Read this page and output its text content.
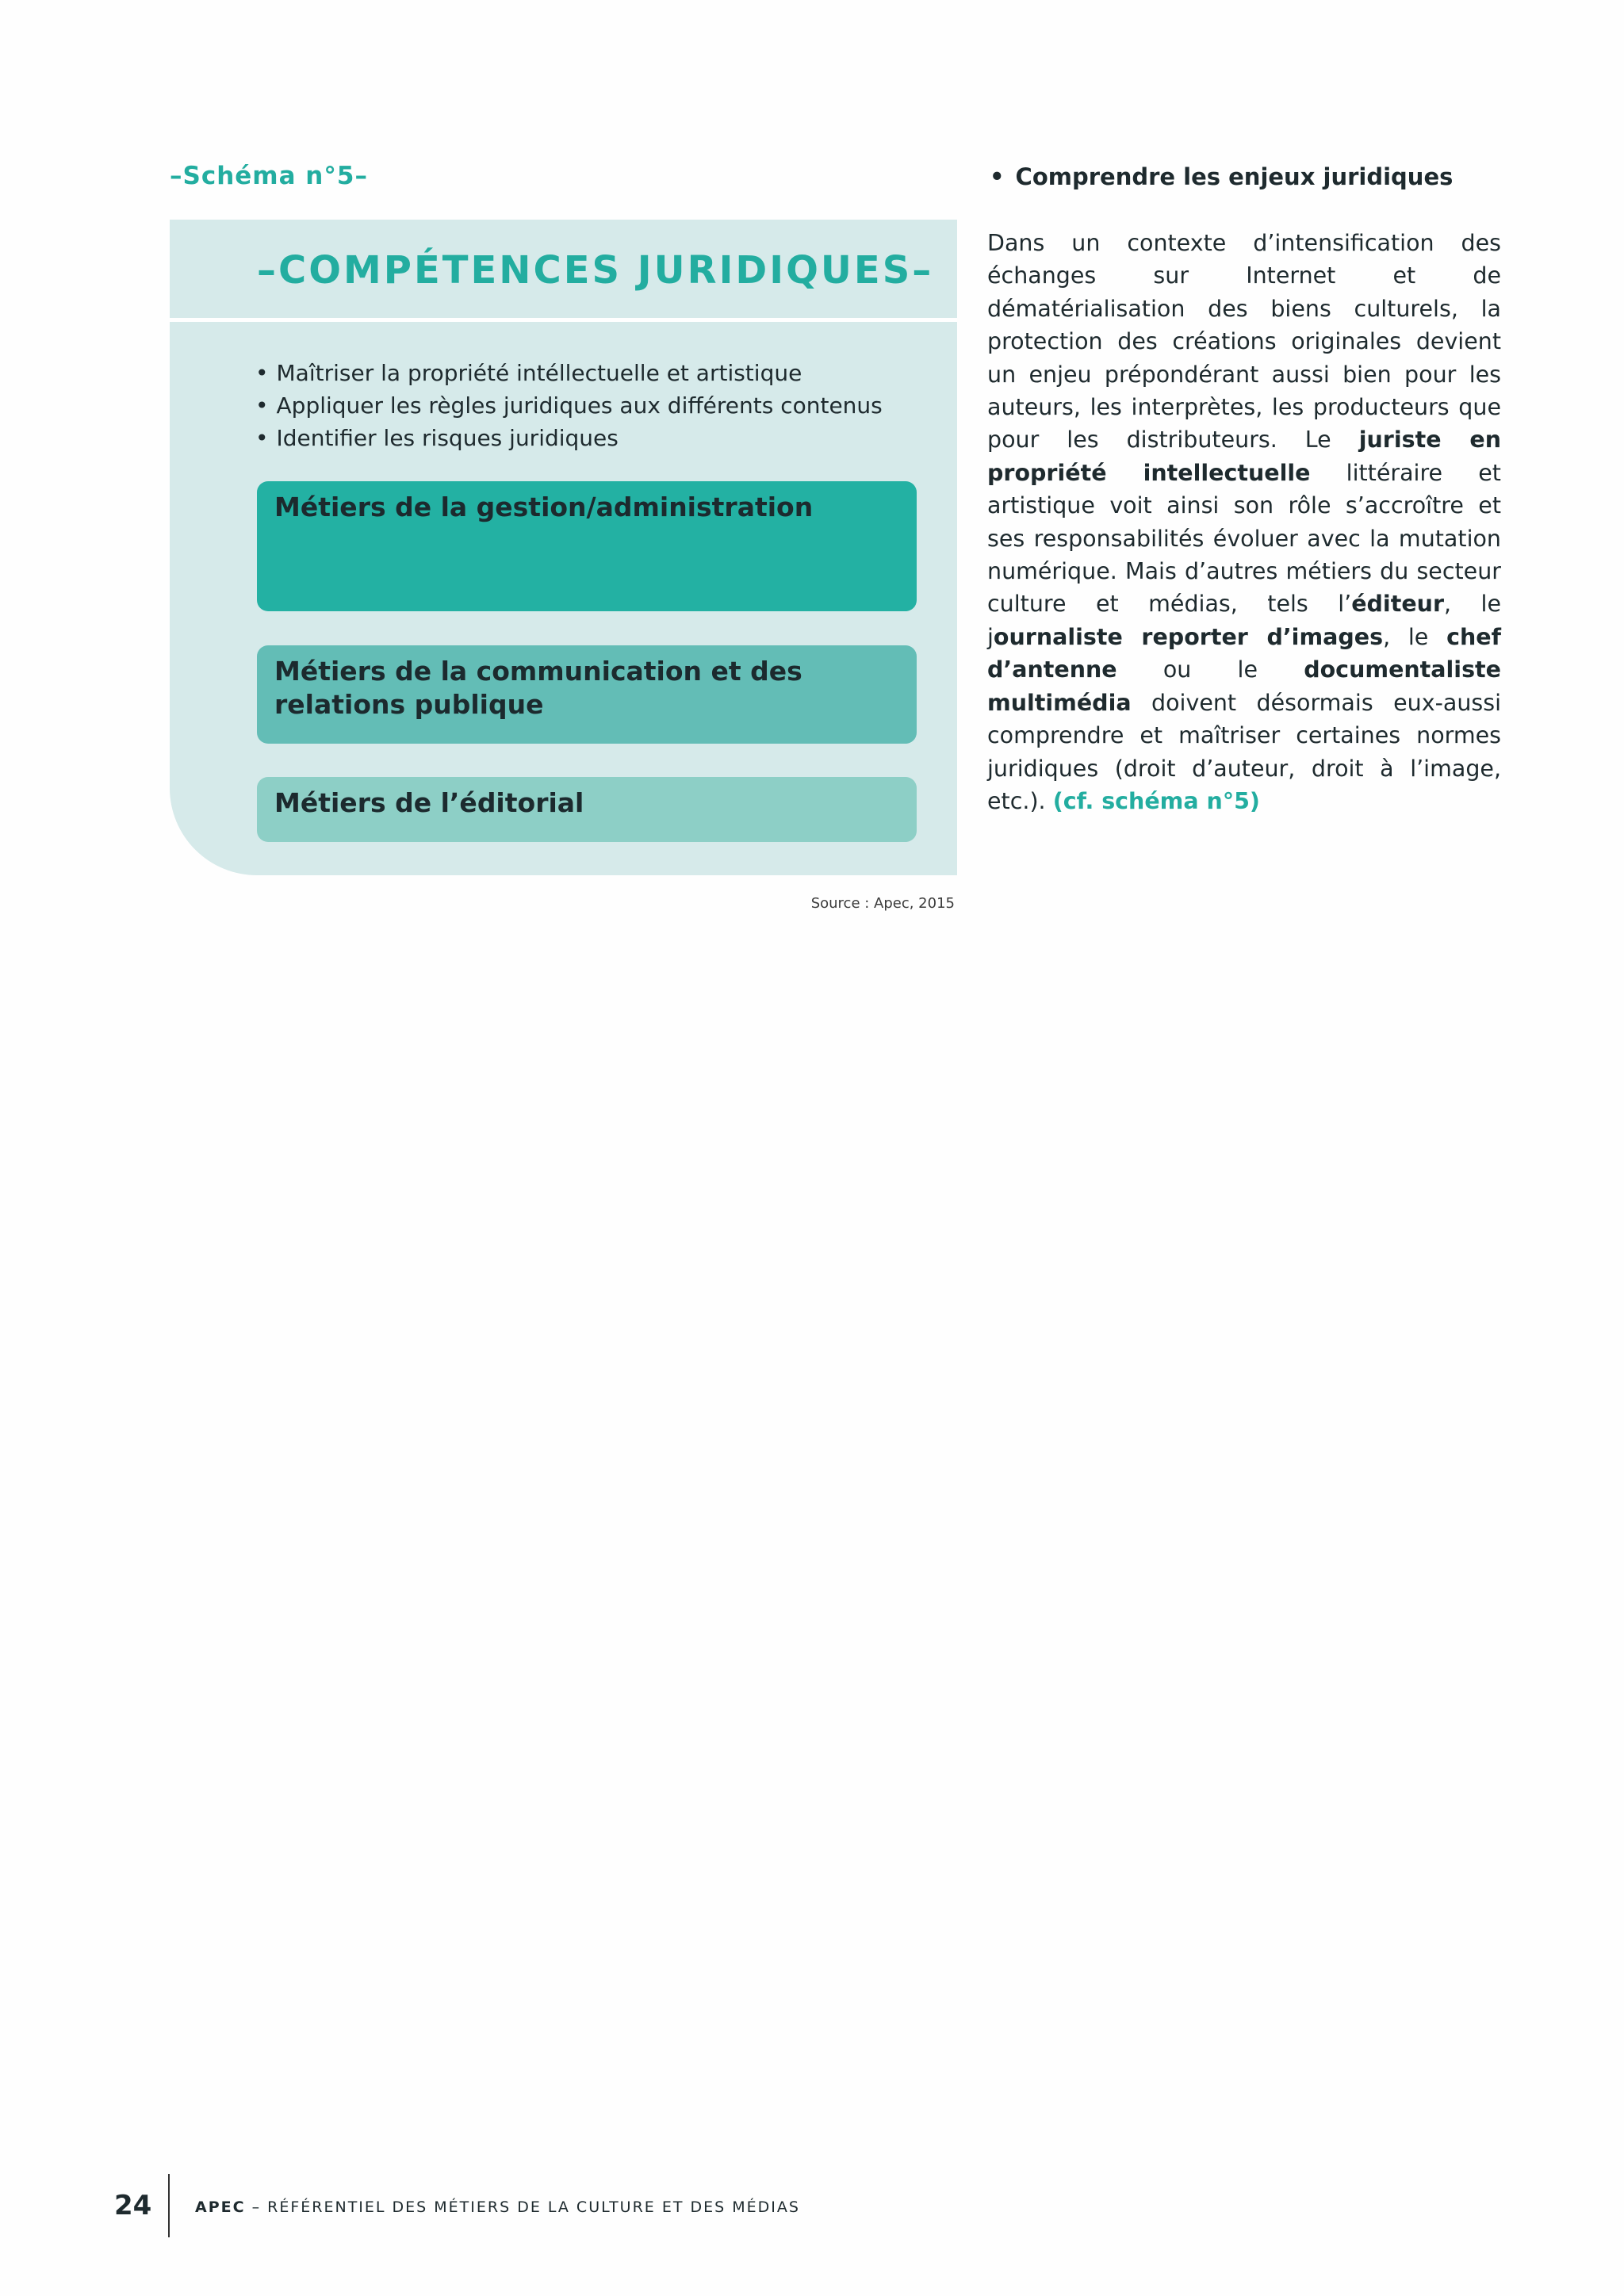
–Schéma n°5–
–COMPÉTENCES JURIDIQUES–
• Maîtriser la propriété intéllectuelle et artistique
• Appliquer les règles juridiques aux différents contenus
• Identifier les risques juridiques
Métiers de la gestion/administration
Métiers de la communication et des relations publique
Métiers de l’éditorial
Source : Apec, 2015
• Comprendre les enjeux juridiques
Dans un contexte d’intensification des échanges sur Internet et de dématérialisation des biens culturels, la protection des créations originales devient un enjeu prépondérant aussi bien pour les auteurs, les interprètes, les producteurs que pour les distributeurs. Le juriste en propriété intellectuelle littéraire et artistique voit ainsi son rôle s’accroître et ses responsabilités évoluer avec la mutation numérique. Mais d’autres métiers du secteur culture et médias, tels l’éditeur, le journaliste reporter d’images, le chef d’antenne ou le documentaliste multimédia doivent désormais eux-aussi comprendre et maîtriser certaines normes juridiques (droit d’auteur, droit à l’image, etc.). (cf. schéma n°5)
24	APEC – RÉFÉRENTIEL DES MÉTIERS DE LA CULTURE ET DES MÉDIAS
